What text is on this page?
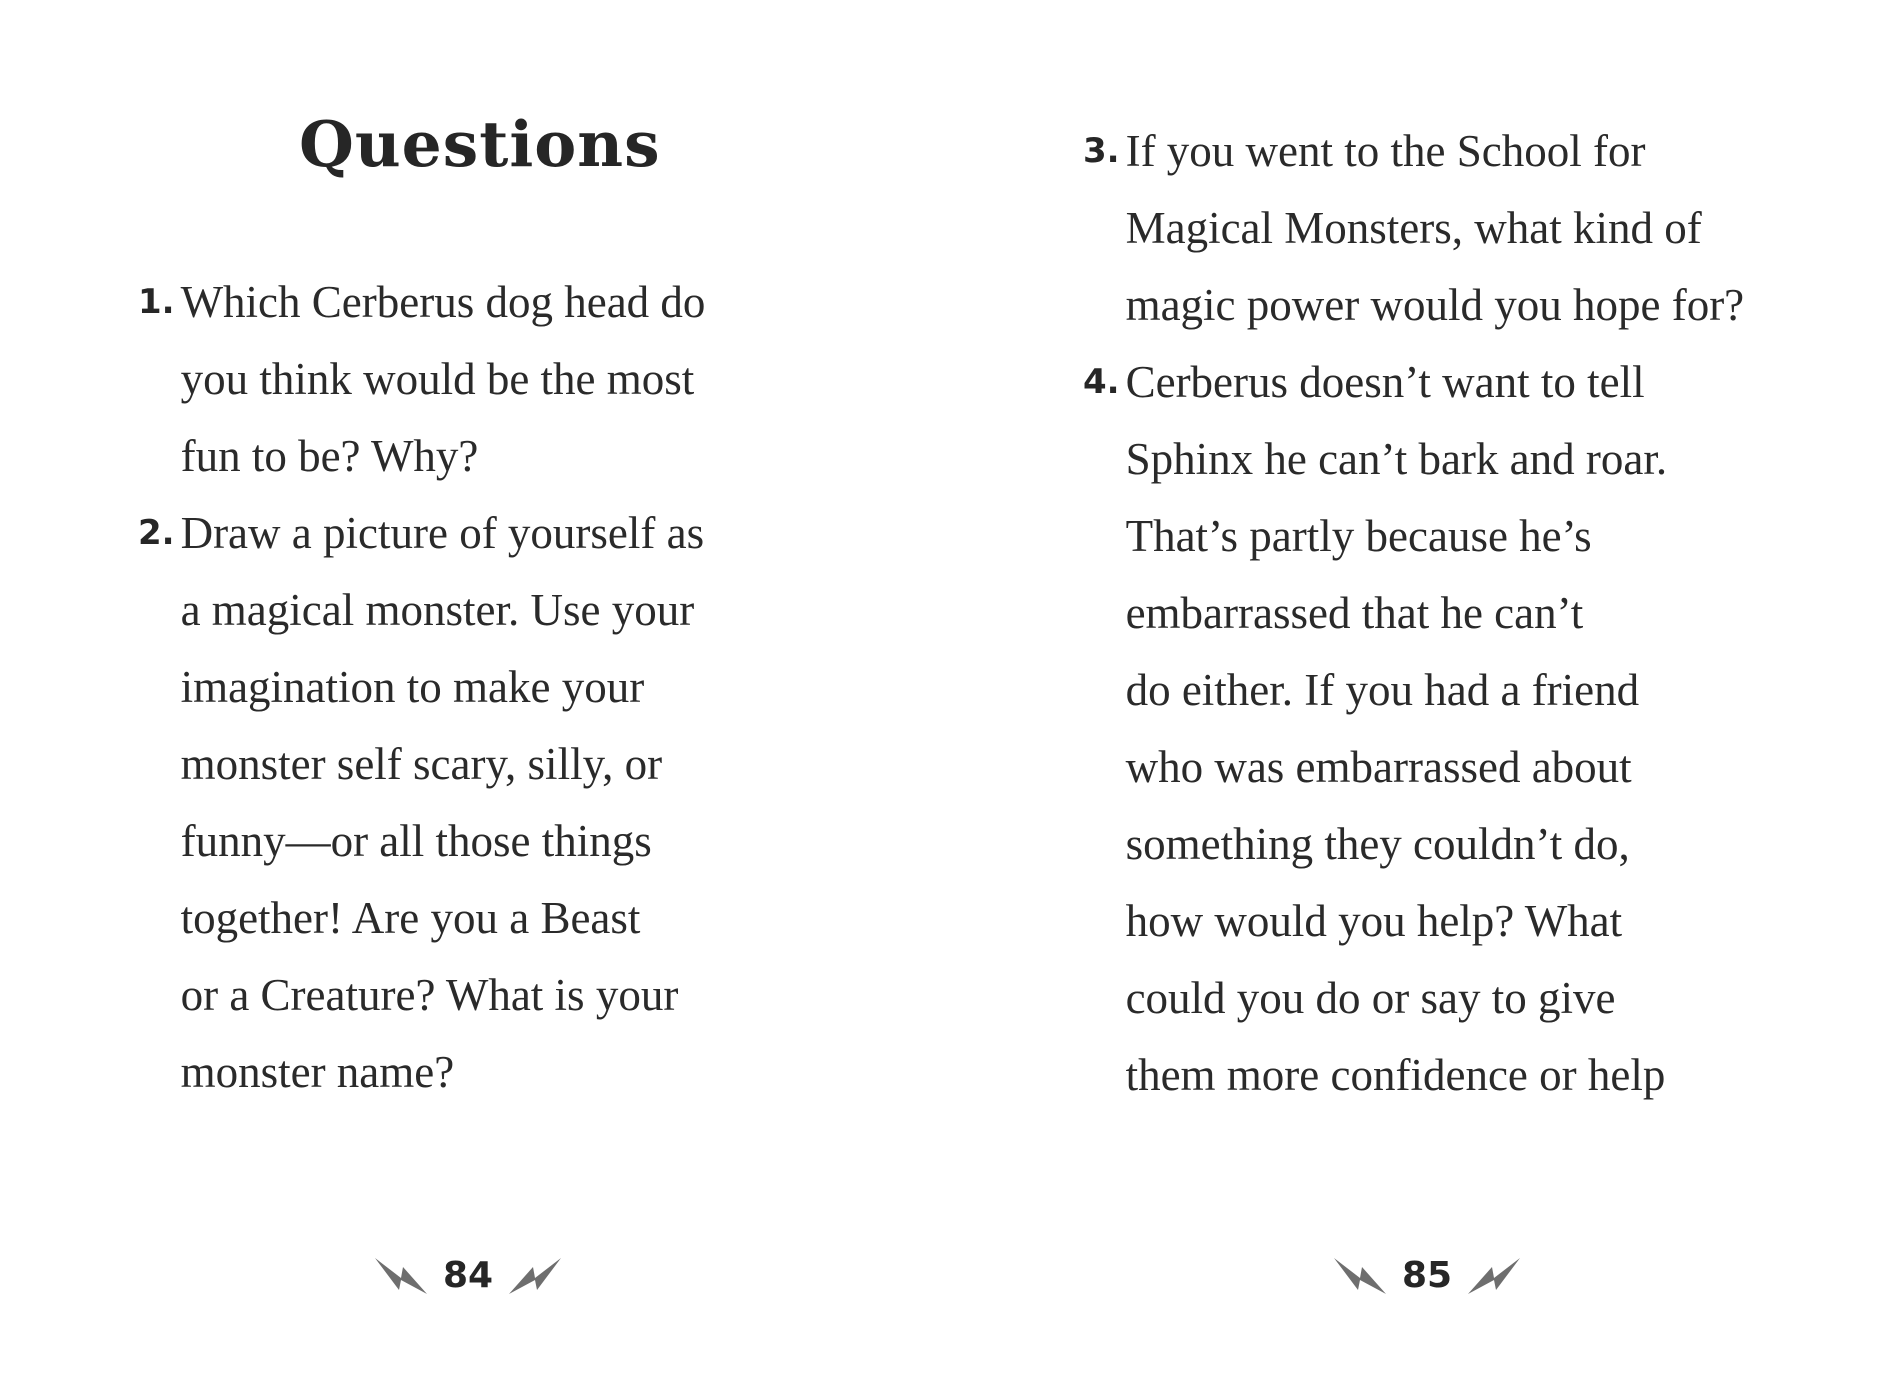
Questions
1. Which Cerberus dog head do
you think would be the most
fun to be? Why?
2. Draw a picture of yourself as
a magical monster. Use your
imagination to make your
monster self scary, silly, or
funny—or all those things
together! Are you a Beast
or a Creature? What is your
monster name?
84
3. If you went to the School for
Magical Monsters, what kind of
magic power would you hope for?
4. Cerberus doesn’t want to tell
Sphinx he can’t bark and roar.
That’s partly because he’s
embarrassed that he can’t
do either. If you had a friend
who was embarrassed about
something they couldn’t do,
how would you help? What
could you do or say to give
them more confidence or help
85
